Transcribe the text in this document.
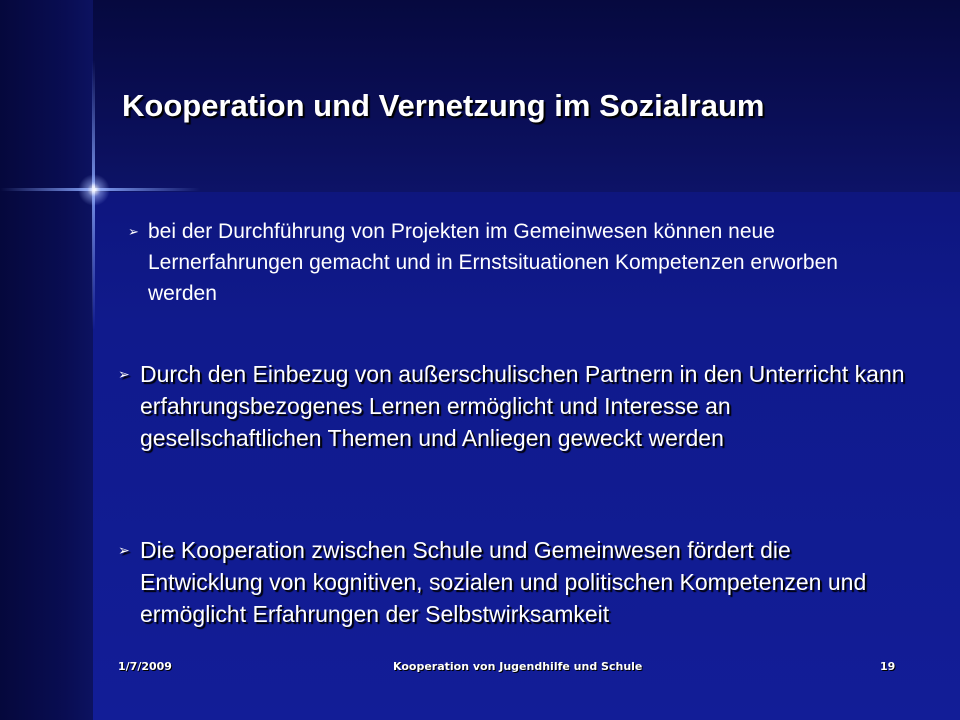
Kooperation und Vernetzung im Sozialraum
➢ bei der Durchführung von Projekten im Gemeinwesen können neue Lernerfahrungen gemacht und in Ernstsituationen Kompetenzen erworben werden
➢ Durch den Einbezug von außerschulischen Partnern in den Unterricht kann erfahrungsbezogenes Lernen ermöglicht und Interesse an gesellschaftlichen Themen und Anliegen geweckt werden
➢ Die Kooperation zwischen Schule und Gemeinwesen fördert die Entwicklung von kognitiven, sozialen und politischen Kompetenzen und ermöglicht Erfahrungen der Selbstwirksamkeit
1/7/2009	Kooperation von Jugendhilfe und Schule	19
